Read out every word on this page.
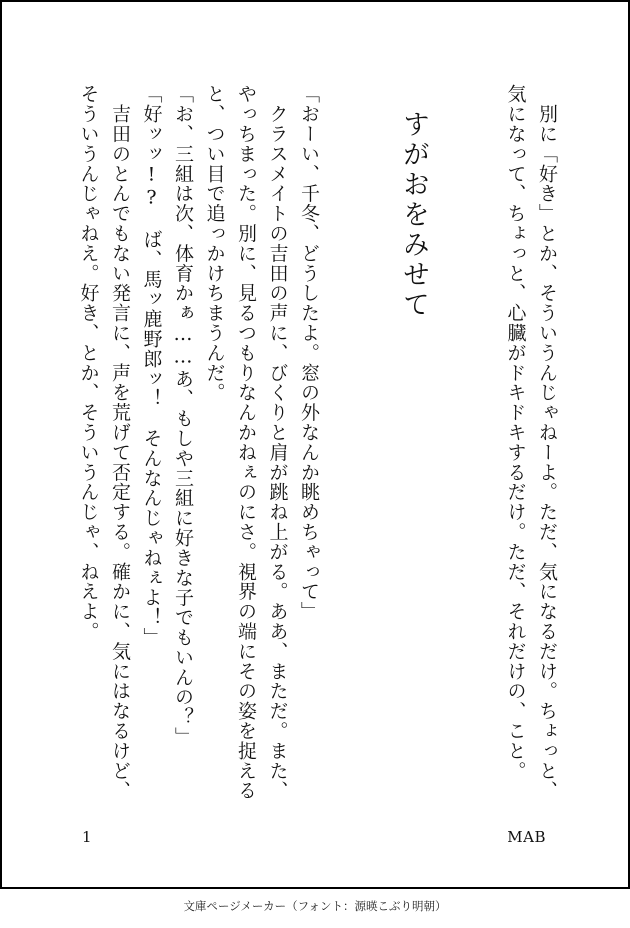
　別に「好き」とか、そういうんじゃねーよ。ただ、気になるだけ。ちょっと、
気になって、ちょっと、心臓がドキドキするだけ。ただ、それだけの、こと。
すがおをみせて
「おーい、千冬、どうしたよ。窓の外なんか眺めちゃって」
　クラスメイトの吉田の声に、びくりと肩が跳ね上がる。ああ、まただ。また、
やっちまった。別に、見るつもりなんかねぇのにさ。視界の端にその姿を捉える
と、つい目で追っかけちまうんだ。
「お、三組は次、体育かぁ……あ、もしや三組に好きな子でもいんの？」
「好ッッ!?　ば、馬ッ鹿野郎ッ！　そんなんじゃねぇよ！」
　吉田のとんでもない発言に、声を荒げて否定する。確かに、気にはなるけど、
そういうんじゃねえ。好き、とか、そういうんじゃ、ねえよ。
1	MAB
文庫ページメーカー（フォント：源暎こぶり明朝）
